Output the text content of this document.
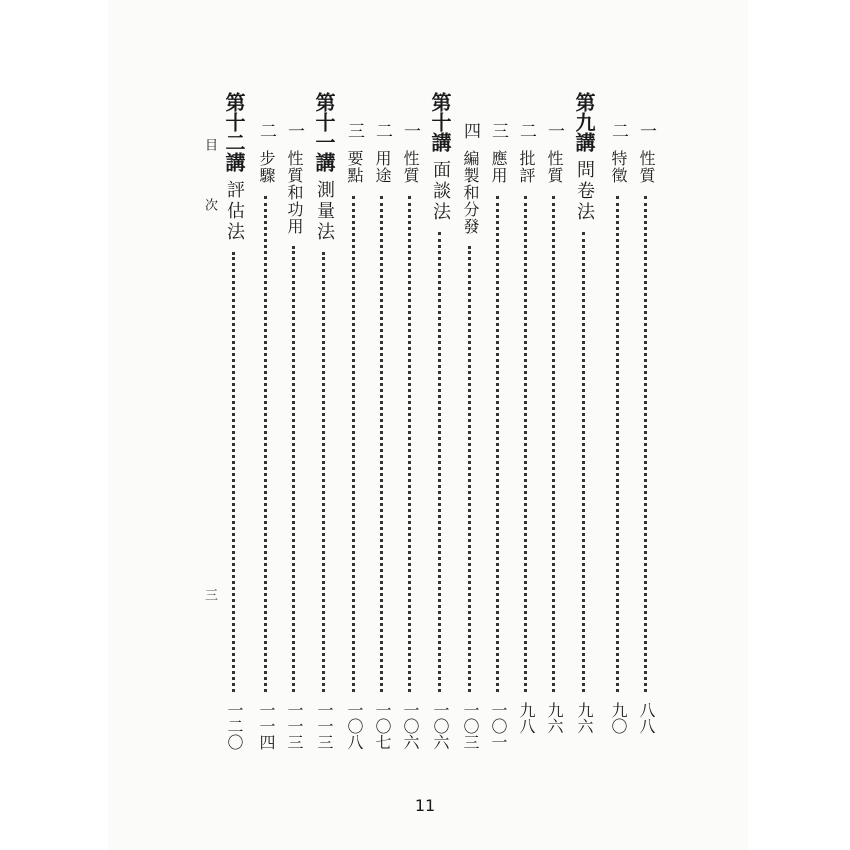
一
性質
八八
二
特徵
九〇
第九講
問卷法
九六
一
性質
九六
二
批評
九八
三
應用
一〇一
四
編製和分發
一〇三
第十講
面談法
一〇六
一
性質
一〇六
二
用途
一〇七
三
要點
一〇八
第十一講
測量法
一一三
一
性質和功用
一一三
二
步驟
一一四
第十二講
評估法
一二〇
目 次
三
11
